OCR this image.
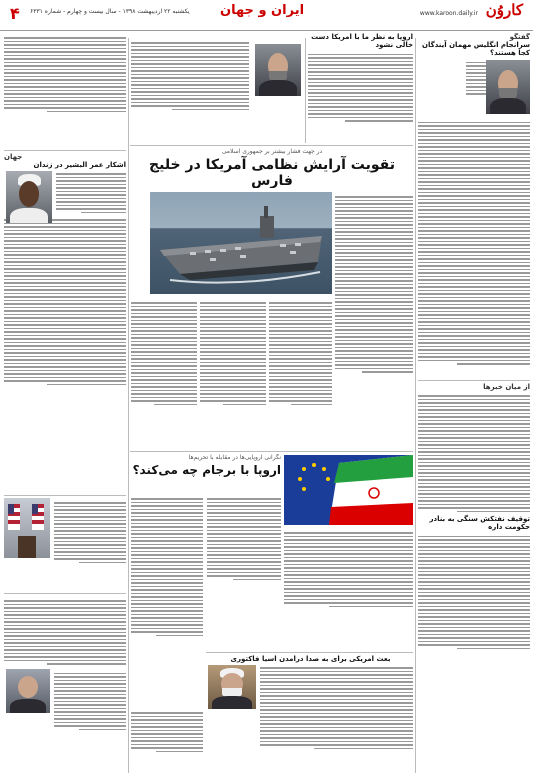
۴ یکشنبه ۲۲ اردیبهشت ۱۳۹۸ - سال بیست و چهارم - شماره ۶۳۳۱ ایران و جهان	www.karoon.daily.ir کاروُن
گفتگو
سرانجام انگلیس مهمان آیندگان کجا هستند؟
از میان خبرها
توقیف نفتکش سنگی به بنادر حکومت داره
اروپا به نظر ما با آمریکا دست خالی نشود
در جهت فشار بیشتر بر جمهوری اسلامی
تقویت آرایش نظامی آمریکا در خلیج فارس
نگرانی اروپایی‌ها در مقابله با تحریم‌ها
اروپا با برجام چه می‌کند؟
بعث آمریکی برای به صدا درآمدن آسیا فاکتوری
جهان
اشکار عمر البشیر در زندان
